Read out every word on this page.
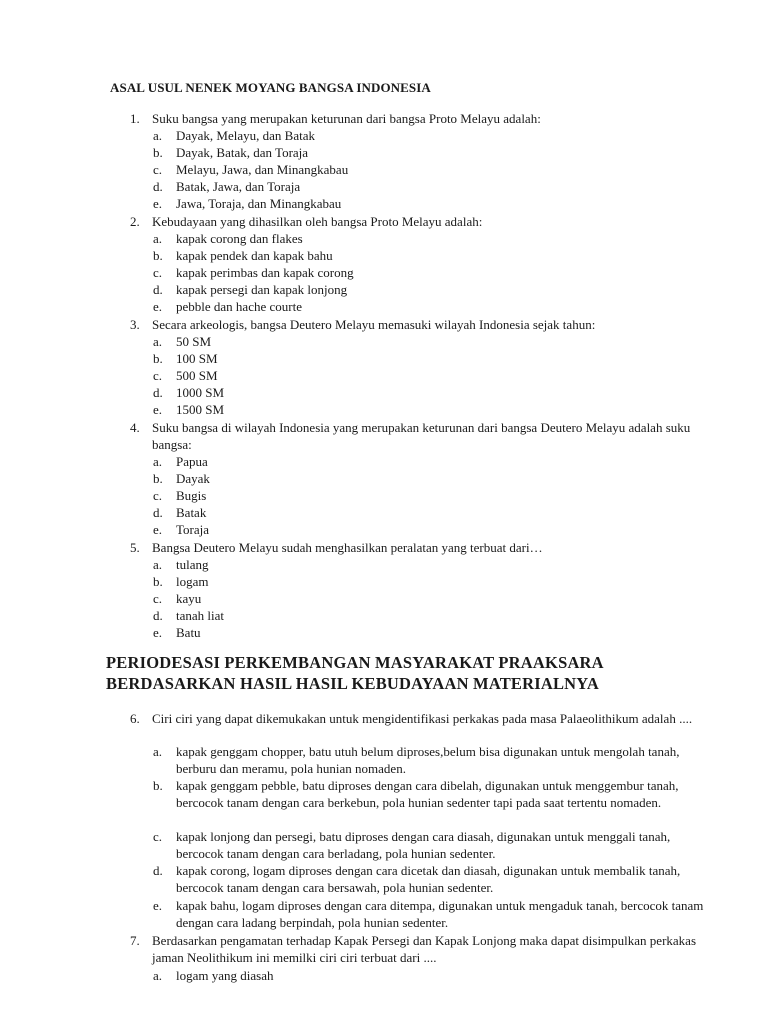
ASAL USUL NENEK MOYANG BANGSA INDONESIA
1. Suku bangsa yang merupakan keturunan dari bangsa Proto Melayu adalah:
a.	Dayak, Melayu, dan Batak
b.	Dayak, Batak, dan Toraja
c.	Melayu, Jawa, dan Minangkabau
d.	Batak, Jawa, dan Toraja
e.	Jawa, Toraja, dan Minangkabau
2. Kebudayaan yang dihasilkan oleh bangsa Proto Melayu adalah:
a.	kapak corong dan flakes
b.	kapak pendek dan kapak bahu
c.	kapak perimbas dan kapak corong
d.	kapak persegi dan kapak lonjong
e.	pebble dan hache courte
3. Secara arkeologis, bangsa Deutero Melayu memasuki wilayah Indonesia sejak tahun:
a.	50 SM
b.	100 SM
c.	500 SM
d.	1000 SM
e.	1500 SM
4. Suku bangsa di wilayah Indonesia yang merupakan keturunan dari bangsa Deutero Melayu adalah suku bangsa:
a.	Papua
b.	Dayak
c.	Bugis
d.	Batak
e.	Toraja
5. Bangsa Deutero Melayu sudah menghasilkan peralatan yang terbuat dari…
a.	tulang
b.	logam
c.	kayu
d.	tanah liat
e.	Batu
PERIODESASI PERKEMBANGAN MASYARAKAT PRAAKSARA
BERDASARKAN HASIL HASIL KEBUDAYAAN MATERIALNYA
6. Ciri ciri yang dapat dikemukakan untuk mengidentifikasi perkakas pada masa Palaeolithikum adalah ....
a.	kapak genggam chopper, batu utuh belum diproses,belum bisa digunakan untuk mengolah tanah, berburu dan meramu, pola hunian nomaden.
b.	kapak genggam pebble, batu diproses dengan cara dibelah, digunakan untuk menggembur tanah, bercocok tanam dengan cara berkebun, pola hunian sedenter tapi pada saat tertentu nomaden.
c.	kapak lonjong dan persegi, batu diproses dengan cara diasah, digunakan untuk menggali tanah, bercocok tanam dengan cara berladang, pola hunian sedenter.
d.	kapak corong, logam diproses dengan cara dicetak dan diasah, digunakan untuk membalik tanah, bercocok tanam dengan cara bersawah, pola hunian sedenter.
e.	kapak bahu, logam diproses dengan cara ditempa, digunakan untuk mengaduk tanah, bercocok tanam dengan cara ladang berpindah, pola hunian sedenter.
7. Berdasarkan pengamatan terhadap Kapak Persegi dan Kapak Lonjong maka dapat disimpulkan perkakas jaman Neolithikum ini memilki ciri ciri terbuat dari ....
a.	logam yang diasah
